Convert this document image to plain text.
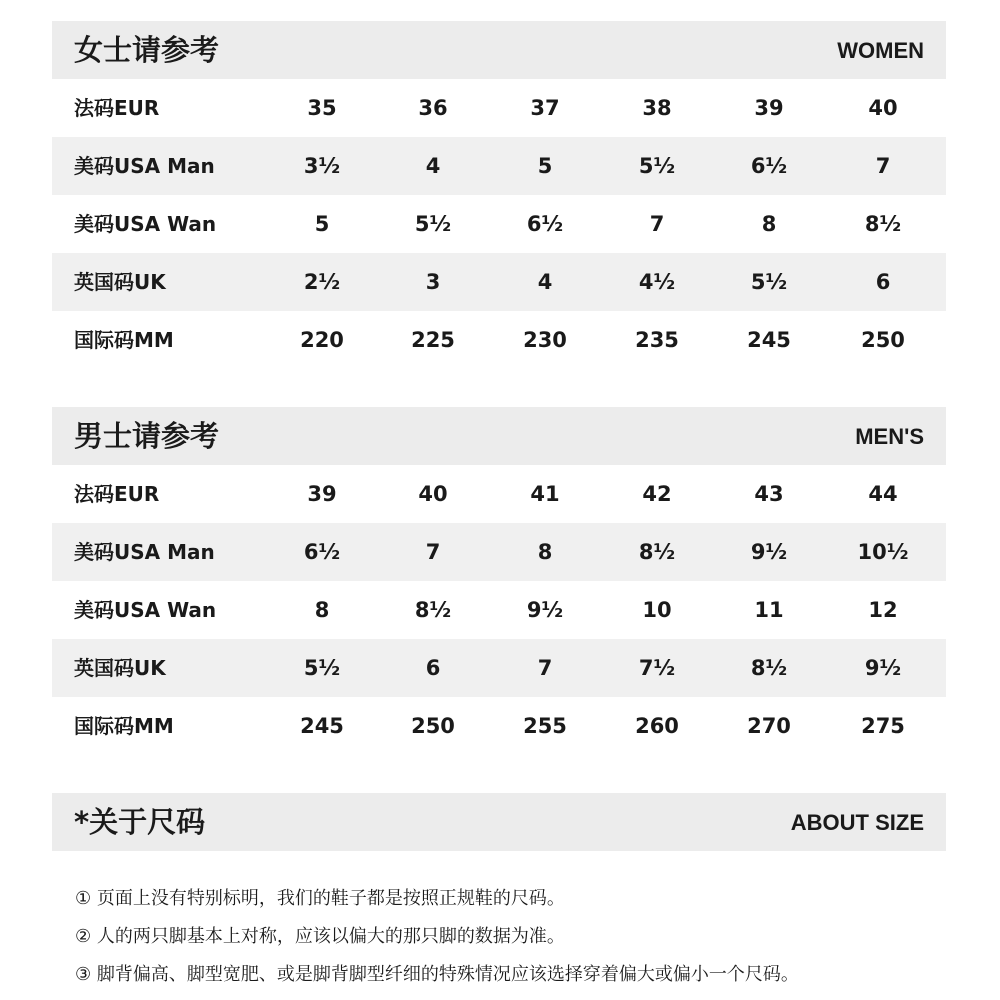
女士请参考	WOMEN
法码EUR	35	36	37	38	39	40
美码USA Man	3½	4	5	5½	6½	7
美码USA Wan	5	5½	6½	7	8	8½
英国码UK	2½	3	4	4½	5½	6
国际码MM	220	225	230	235	245	250
男士请参考	MEN'S
法码EUR	39	40	41	42	43	44
美码USA Man	6½	7	8	8½	9½	10½
美码USA Wan	8	8½	9½	10	11	12
英国码UK	5½	6	7	7½	8½	9½
国际码MM	245	250	255	260	270	275
*关于尺码	ABOUT SIZE
① 页面上没有特别标明，我们的鞋子都是按照正规鞋的尺码。
② 人的两只脚基本上对称，应该以偏大的那只脚的数据为准。
③ 脚背偏高、脚型宽肥、或是脚背脚型纤细的特殊情况应该选择穿着偏大或偏小一个尺码。
